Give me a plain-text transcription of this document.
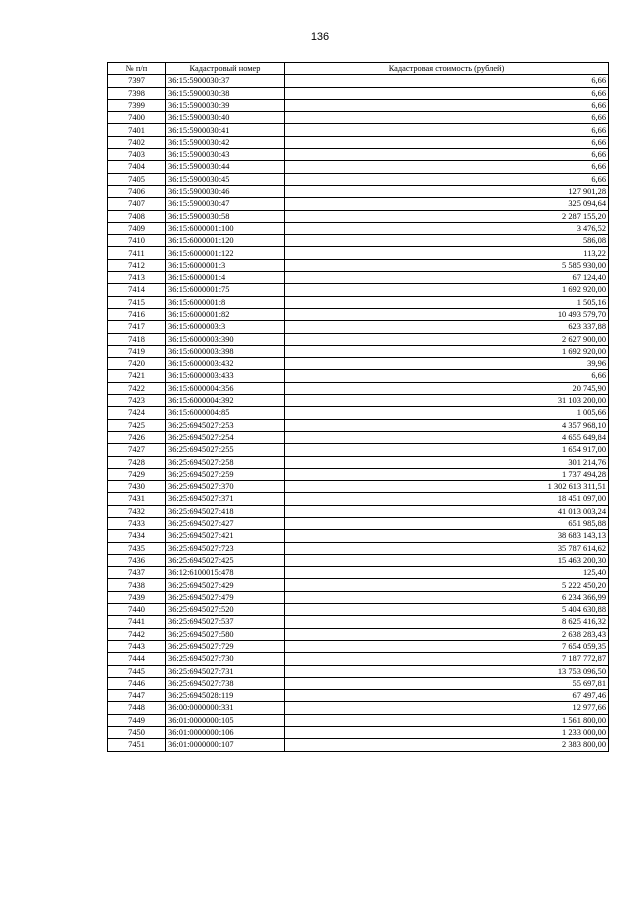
136
№ п/п	Кадастровый номер	Кадастровая стоимость (рублей)
7397	36:15:5900030:37	6,66
7398	36:15:5900030:38	6,66
7399	36:15:5900030:39	6,66
7400	36:15:5900030:40	6,66
7401	36:15:5900030:41	6,66
7402	36:15:5900030:42	6,66
7403	36:15:5900030:43	6,66
7404	36:15:5900030:44	6,66
7405	36:15:5900030:45	6,66
7406	36:15:5900030:46	127 901,28
7407	36:15:5900030:47	325 094,64
7408	36:15:5900030:58	2 287 155,20
7409	36:15:6000001:100	3 476,52
7410	36:15:6000001:120	586,08
7411	36:15:6000001:122	113,22
7412	36:15:6000001:3	5 585 930,00
7413	36:15:6000001:4	67 124,40
7414	36:15:6000001:75	1 692 920,00
7415	36:15:6000001:8	1 505,16
7416	36:15:6000001:82	10 493 579,70
7417	36:15:6000003:3	623 337,88
7418	36:15:6000003:390	2 627 900,00
7419	36:15:6000003:398	1 692 920,00
7420	36:15:6000003:432	39,96
7421	36:15:6000003:433	6,66
7422	36:15:6000004:356	20 745,90
7423	36:15:6000004:392	31 103 200,00
7424	36:15:6000004:85	1 005,66
7425	36:25:6945027:253	4 357 968,10
7426	36:25:6945027:254	4 655 649,84
7427	36:25:6945027:255	1 654 917,00
7428	36:25:6945027:258	301 214,76
7429	36:25:6945027:259	1 737 494,28
7430	36:25:6945027:370	1 302 613 311,51
7431	36:25:6945027:371	18 451 097,00
7432	36:25:6945027:418	41 013 003,24
7433	36:25:6945027:427	651 985,88
7434	36:25:6945027:421	38 683 143,13
7435	36:25:6945027:723	35 787 614,62
7436	36:25:6945027:425	15 463 200,30
7437	36:12:6100015:478	125,40
7438	36:25:6945027:429	5 222 450,20
7439	36:25:6945027:479	6 234 366,99
7440	36:25:6945027:520	5 404 630,88
7441	36:25:6945027:537	8 625 416,32
7442	36:25:6945027:580	2 638 283,43
7443	36:25:6945027:729	7 654 059,35
7444	36:25:6945027:730	7 187 772,87
7445	36:25:6945027:731	13 753 096,50
7446	36:25:6945027:738	55 697,81
7447	36:25:6945028:119	67 497,46
7448	36:00:0000000:331	12 977,66
7449	36:01:0000000:105	1 561 800,00
7450	36:01:0000000:106	1 233 000,00
7451	36:01:0000000:107	2 383 800,00
